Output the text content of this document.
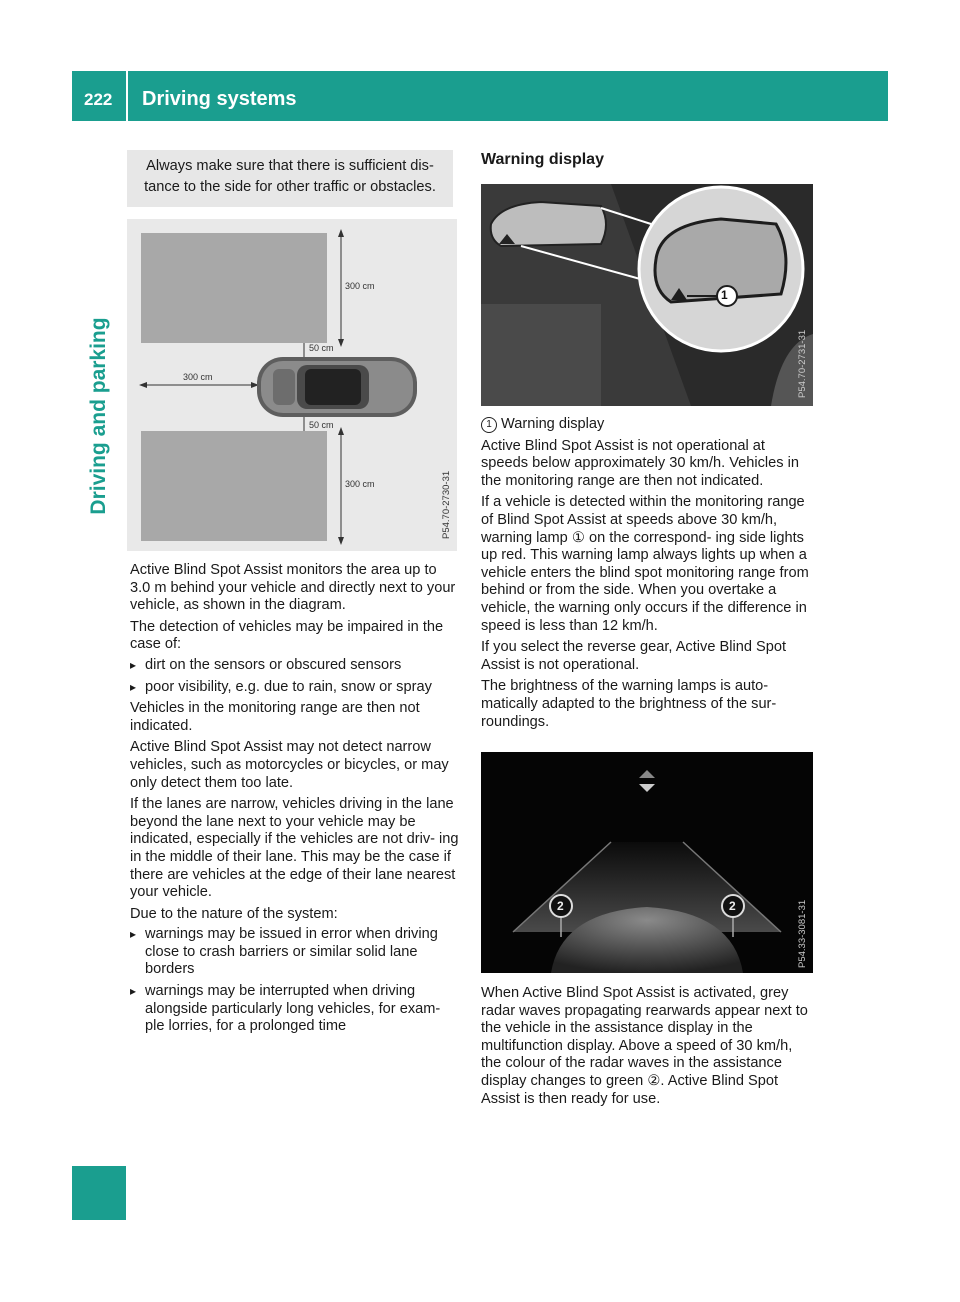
222 Driving systems
Driving and parking
Always make sure that there is sufficient dis- tance to the side for other traffic or obstacles.
300 cm
50 cm
300 cm
50 cm
300 cm	P54.70-2730-31

Active Blind Spot Assist monitors the area up to 3.0 m behind your vehicle and directly next to your vehicle, as shown in the diagram.

The detection of vehicles may be impaired in the case of:

▸ dirt on the sensors or obscured sensors
▸ poor visibility, e.g. due to rain, snow or spray

Vehicles in the monitoring range are then not indicated.

Active Blind Spot Assist may not detect narrow vehicles, such as motorcycles or bicycles, or may only detect them too late.

If the lanes are narrow, vehicles driving in the lane beyond the lane next to your vehicle may be indicated, especially if the vehicles are not driv- ing in the middle of their lane. This may be the case if there are vehicles at the edge of their lane nearest your vehicle.

Due to the nature of the system:

▸ warnings may be issued in error when driving close to crash barriers or similar solid lane borders
▸ warnings may be interrupted when driving alongside particularly long vehicles, for exam- ple lorries, for a prolonged time
Warning display
1
P54.70-2731-31

1 Warning display

Active Blind Spot Assist is not operational at speeds below approximately 30 km/h. Vehicles in the monitoring range are then not indicated.

If a vehicle is detected within the monitoring range of Blind Spot Assist at speeds above 30 km/h, warning lamp ① on the correspond- ing side lights up red. This warning lamp always lights up when a vehicle enters the blind spot monitoring range from behind or from the side. When you overtake a vehicle, the warning only occurs if the difference in speed is less than 12 km/h.

If you select the reverse gear, Active Blind Spot Assist is not operational.

The brightness of the warning lamps is auto- matically adapted to the brightness of the sur- roundings.

2	2	P54.33-3081-31

When Active Blind Spot Assist is activated, grey radar waves propagating rearwards appear next to the vehicle in the assistance display in the multifunction display. Above a speed of 30 km/h, the colour of the radar waves in the assistance display changes to green ②. Active Blind Spot Assist is then ready for use.
